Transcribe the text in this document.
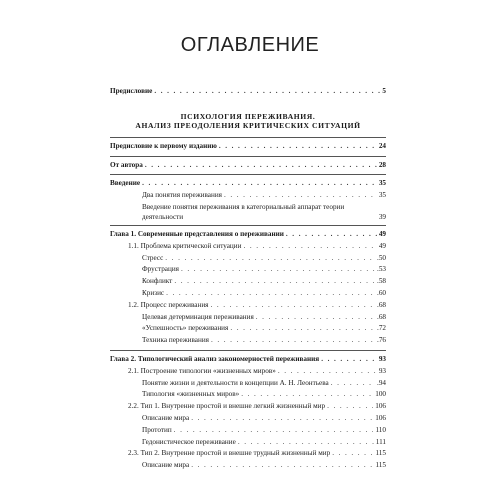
ОГЛАВЛЕНИЕ
Предисловие . . .	5
ПСИХОЛОГИЯ ПЕРЕЖИВАНИЯ.
АНАЛИЗ ПРЕОДОЛЕНИЯ КРИТИЧЕСКИХ СИТУАЦИЙ
Предисловие к первому изданию . . .	24
От автора . . .	28
Введение . . .	35
Два понятия переживания . . .	35
Введение понятия переживания в категориальный аппарат теории деятельности	39
Глава 1. Современные представления о переживании . . .	49
1.1. Проблема критической ситуации . . .	49
Стресс . . .	.50
Фрустрация . . .	.53
Конфликт . . .	.58
Кризис . . .	.60
1.2. Процесс переживания . . .	.68
Целевая детерминация переживания . . .	.68
«Успешность» переживания . . .	.72
Техника переживания . . .	.76
Глава 2. Типологический анализ закономерностей переживания . . .	93
2.1. Построение типологии «жизненных миров» . . .	93
Понятие жизни и деятельности в концепции А. Н. Леонтьева . . .	.94
Типология «жизненных миров» . . .	100
2.2. Тип 1. Внутренне простой и внешне легкий жизненный мир . . .	106
Описание мира . . .	106
Прототип . . .	110
Гедонистическое переживание . . .	111
2.3. Тип 2. Внутренне простой и внешне трудный жизненный мир . . .	115
Описание мира . . .	115
